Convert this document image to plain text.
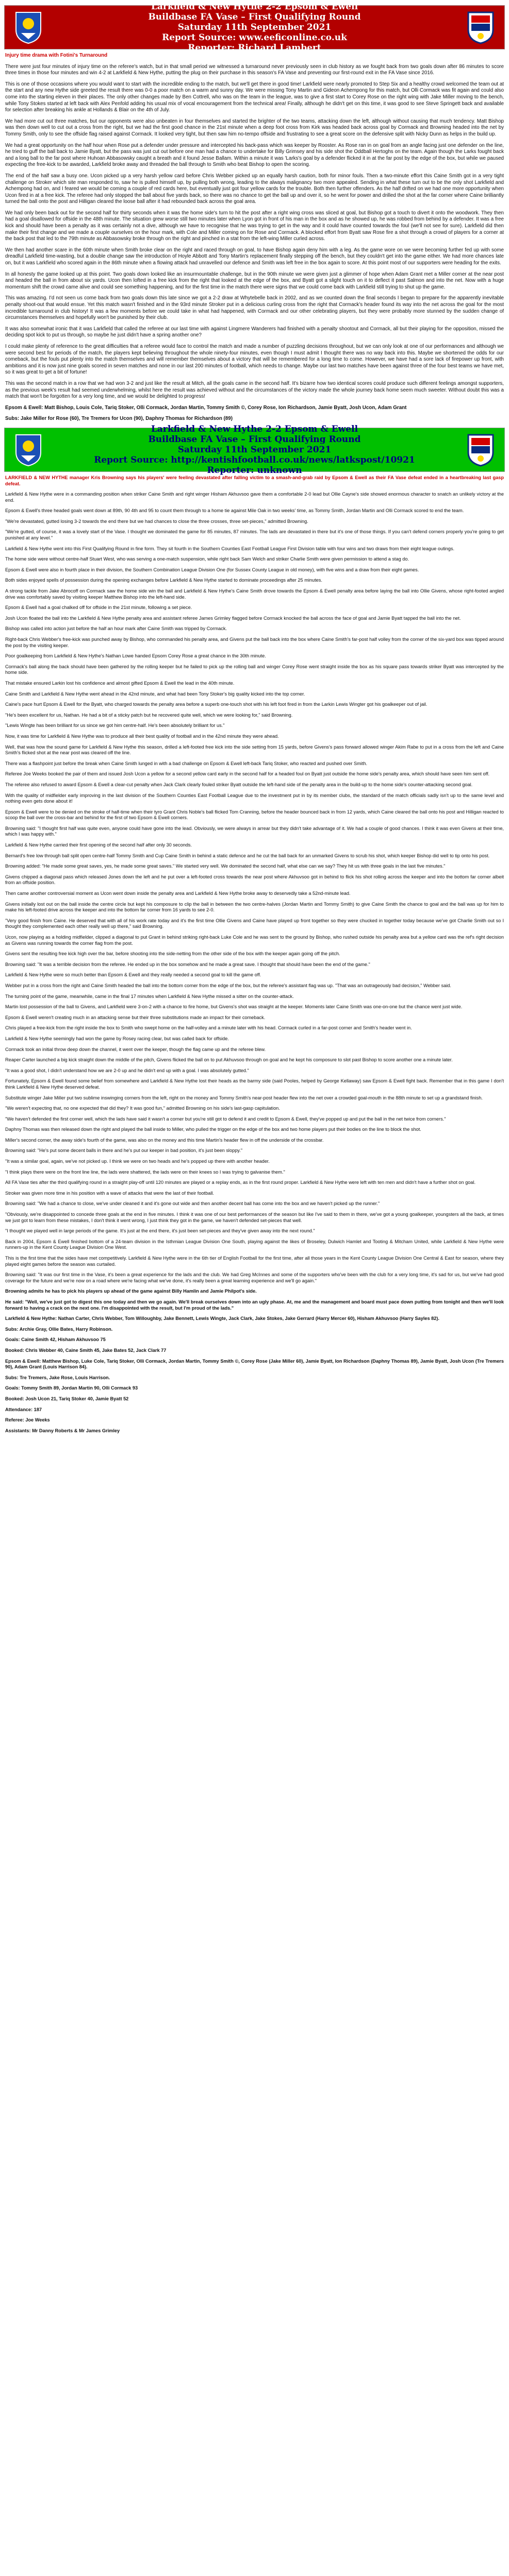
Larkfield & New Hythe 2-2 Epsom & Ewell
Buildbase FA Vase – First Qualifying Round
Saturday 11th September 2021
Report Source: www.eeﬁconline.co.uk
Reporter: Richard Lambert

Injury time drama with Fotini's Turnaround

There were just four minutes of injury time on the referee's watch, but in that small period we witnessed a turnaround never previously seen in club history as we fought back from two goals down after 86 minutes to score three times in those four minutes and win 4-2 at Larkfield & New Hythe, putting the plug on their purchase in this season's FA Vase and preventing our first-round exit in the FA Vase since 2016.

This is one of those occasions where you would want to start with the incredible ending to the match, but we'll get there in good time! Larkfield were nearly promoted to Step Six and a healthy crowd welcomed the team out at the start and any new Hythe side greeted the result there was 0-0 a poor match on a warm and sunny day. We were missing Tony Martin and Gideon Achempong for this match, but Olli Cormack was fit again and could also come into the starting eleven in their places. The only other changes made by Ben Cottrell, who was on the team in the league, was to give a first start to Corey Rose on the right wing with Jake Miller moving to the bench, while Tony Stokes started at left back with Alex Penfold adding his usual mix of vocal encouragement from the technical area! Finally, although he didn't get on this time, it was good to see Steve Springett back and available for selection after breaking his ankle at Hollands & Blair on the 4th of July.

We had more cut out three matches, but our opponents were also unbeaten in four themselves and started the brighter of the two teams, attacking down the left, although without causing that much tendency. Matt Bishop was then down well to cut out a cross from the right, but we had the first good chance in the 21st minute when a deep foot cross from Kirk was headed back across goal by Cormack and Browning headed into the net by Tommy Smith, only to see the offside flag raised against Cormack. It looked very tight, but then saw him no-tempo offside and frustrating to see a great score on the defensive split with Nicky Dunn as helps in the build up.

We had a great opportunity on the half hour when Rose put a defender under pressure and intercepted his back-pass which was keeper by Rooster. As Rose ran in on goal from an angle facing just one defender on the line, he tried to guff the ball back to Jamie Byatt, but the pass was just cut out before one man had a chance to undertake for Billy Grimsey and his side shot the Oddball Hertoghs on the team. Again though the Larks fought back and a long ball to the far post where Huhoan Abbasowsky caught a breath and it found Jesse Ballam. Within a minute it was 'Larks's goal by a defender flicked it in at the far post by the edge of the box, but while we paused expecting the free-kick to be awarded, Larkfield broke away and threaded the ball through to Smith who beat Bishop to open the scoring.

The end of the half saw a busy one. Ucon picked up a very harsh yellow card before Chris Webber picked up an equally harsh caution, both for minor fouls. Then a two-minute effort this Caine Smith got in a very tight challenge on Stroker which site man responded to, saw he is pulled himself up, by pulling both wrong, leading to the always malignancy two more appealed. Sending in what these turn out to be the only shot Larkfield and Achempong had on, and I feared we would be coming a couple of red cards here, but eventually just got four yellow cards for the trouble. Both then further offenders. As the half drifted on we had one more opportunity when Ucon fired in at a free kick. The referee had only stopped the ball about five yards back, so there was no chance to get the ball up and over it, so he went for power and drilled the shot at the far corner where Caine brilliantly turned the ball onto the post and Hilligan cleared the loose ball after it had rebounded back across the goal area.

We had only been back out for the second half for thirty seconds when it was the home side's turn to hit the post after a right wing cross was sliced at goal, but Bishop got a touch to divert it onto the woodwork. They then had a goal disallowed for offside in the 48th minute. The situation grew worse still two minutes later when Lyon got in front of his man in the box and as he showed up, he was robbed from behind by a defender. It was a free kick and should have been a penalty as it was certainly not a dive, although we have to recognise that he was trying to get in the way and it could have counted towards the foul (we'll not see for sure). Larkfield did then make their first change and we made a couple ourselves on the hour mark, with Cole and Miller coming on for Rose and Cormack. A blocked effort from Byatt saw Rose fire a shot through a crowd of players for a corner at the back post that led to the 79th minute as Abbasowsky broke through on the right and pinched in a stat from the left-wing Miller curled across.

We then had another scare in the 60th minute when Smith broke clear on the right and raced through on goal, to have Bishop again deny him with a leg. As the game wore on we were becoming further fed up with some dreadful Larkfield time-wasting, but a double change saw the introduction of Hoyle Abbott and Tony Martin's replacement finally stepping off the bench, but they couldn't get into the game either. We had more chances late on, but it was Larkfield who scored again in the 86th minute when a flowing attack had unravelled our defence and Smith was left free in the box again to score. At this point most of our supporters were heading for the exits.

In all honesty the game looked up at this point. Two goals down looked like an insurmountable challenge, but in the 90th minute we were given just a glimmer of hope when Adam Grant met a Miller corner at the near post and headed the ball in from about six yards. Ucon then lofted in a free kick from the right that looked at the edge of the box, and Byatt got a slight touch on it to deflect it past Salmon and into the net. Now with a huge momentum shift the crowd came alive and could see something happening, and for the first time in the match there were signs that we could come back with Larkfield still trying to shut up the game.

This was amazing. I'd not seen us come back from two goals down this late since we got a 2-2 draw at Whytebelle back in 2002, and as we counted down the final seconds I began to prepare for the apparently inevitable penalty shoot-out that would ensue. Yet this match wasn't finished and in the 93rd minute Stroker put in a delicious curling cross from the right that Cormack's header found its way into the net across the goal for the most incredible turnaround in club history! It was a few moments before we could take in what had happened, with Cormack and our other celebrating players, but they were probably more stunned by the sudden change of circumstances themselves and hopefully won't be punished by their club.

It was also somewhat ironic that it was Larkfield that called the referee at our last time with against Lingmere Wanderers had finished with a penalty shootout and Cormack, all but their playing for the opposition, missed the deciding spot kick to put us through, so maybe he just didn't have a spring another one?

I could make plenty of reference to the great difficulties that a referee would face to control the match and made a number of puzzling decisions throughout, but we can only look at one of our performances and although we were second best for periods of the match, the players kept believing throughout the whole ninety-four minutes, even though I must admit I thought there was no way back into this. Maybe we shortened the odds for our comeback, but the fouls put plenty into the match themselves and will remember themselves about a victory that will be remembered for a long time to come. However, we have had a sore lack of firepower up front, with ambitions and it is now just nine goals scored in seven matches and none in our last 200 minutes of football, which needs to change. Maybe our last two matches have been against three of the four best teams we have met, so it was great to get a bit of fortune!

This was the second match in a row that we had won 3-2 and just like the result at Mitch, all the goals came in the second half. It's bizarre how two identical scores could produce such different feelings amongst supporters, as the previous week's result had seemed underwhelming, whilst here the result was achieved without and the circumstances of the victory made the whole journey back home seem much sweeter. Without doubt this was a match that won't be forgotten for a very long time, and we would be delighted to progress!

Epsom & Ewell: Matt Bishop, Louis Cole, Tariq Stoker, Olli Cormack, Jordan Martin, Tommy Smith ©, Corey Rose, Ion Richardson, Jamie Byatt, Josh Ucon, Adam Grant

Subs: Jake Miller for Rose (60), Tre Tremers for Ucon (90), Daphny Thomas for Richardson (89)

Larkfield & New Hythe 2-2 Epsom & Ewell
Buildbase FA Vase – First Qualifying Round
Saturday 11th September 2021
Report Source: http://kentishfootball.co.uk/news/latkspost/10921
Reporter: unknown

LARKFIELD & NEW HYTHE manager Kris Browning says his players' were feeling devastated after falling victim to a smash-and-grab raid by Epsom & Ewell as their FA Vase defeat ended in a heartbreaking last gasp defeat.

Larkfield & New Hythe were in a commanding position when striker Caine Smith and right winger Hisham Akhuvsoo gave them a comfortable 2-0 lead but Ollie Cayne's side showed enormous character to snatch an unlikely victory at the end.

Epsom & Ewell's three headed goals went down at 89th, 90 4th and 95 to count them through to a home tie against Mile Oak in two weeks' time, as Tommy Smith, Jordan Martin and Olli Cormack scored to end the team.

"We're devastated, gutted losing 3-2 towards the end there but we had chances to close the three crosses, three set-pieces," admitted Browning.

"We're gutted, of course, it was a lovely start of the Vase. I thought we dominated the game for 85 minutes, 87 minutes. The lads are devastated in there but it's one of those things. If you can't defend corners properly you're going to get punished at any level."

Larkfield & New Hythe went into this First Qualifying Round in fine form. They sit fourth in the Southern Counties East Football League First Division table with four wins and two draws from their eight league outings.

The home side were without centre-half Stuart West, who was serving a one-match suspension, while right back Sam Welch and striker Charlie Smith were given permission to attend a stag do.

Epsom & Ewell were also in fourth place in their division, the Southern Combination League Division One (for Sussex County League in old money), with five wins and a draw from their eight games.

Both sides enjoyed spells of possession during the opening exchanges before Larkfield & New Hythe started to dominate proceedings after 25 minutes.

A strong tackle from Jake Abrocoff on Cormack saw the home side win the ball and Larkfield & New Hythe's Caine Smith drove towards the Epsom & Ewell penalty area before laying the ball into Ollie Givens, whose right-footed angled drive was comfortably saved by visiting keeper Matthew Bishop into the left-hand side.

Epsom & Ewell had a goal chalked off for offside in the 21st minute, following a set piece.

Josh Ucon floated the ball into the Larkfield & New Hythe penalty area and assistant referee James Grimley flagged before Cormack knocked the ball across the face of goal and Jamie Byatt tapped the ball into the net.

Bishop was called into action just before the half an hour mark after Caine Smith was tripped by Cormack.

Right-back Chris Webber's free-kick was punched away by Bishop, who commanded his penalty area, and Givens put the ball back into the box where Caine Smith's far-post half volley from the corner of the six-yard box was tipped around the post by the visiting keeper.

Poor goalkeeping from Larkfield & New Hythe's Nathan Lowe handed Epsom Corey Rose a great chance in the 30th minute.

Cormack's ball along the back should have been gathered by the rolling keeper but he failed to pick up the rolling ball and winger Corey Rose went straight inside the box as his square pass towards striker Byatt was intercepted by the home side.

That mistake ensured Larkin lost his confidence and almost gifted Epsom & Ewell the lead in the 40th minute.

Caine Smith and Larkfield & New Hythe went ahead in the 42nd minute, and what had been Tony Stoker's big quality kicked into the top corner.

Caine's pace hurt Epsom & Ewell for the Byatt, who charged towards the penalty area before a superb one-touch shot with his left foot fired in from the Larkin Lewis Wingter got his goalkeeper out of jail.

"He's been excellent for us, Nathan. He had a bit of a sticky patch but he recovered quite well, which we were looking for," said Browning.

"Lewis Wingte has been brilliant for us since we got him centre-half. He's been absolutely brilliant for us."

Now, it was time for Larkfield & New Hythe was to produce all their best quality of football and in the 42nd minute they were ahead.

Well, that was how the sound game for Larkfield & New Hythe this season, drilled a left-footed free kick into the side setting from 15 yards, before Givens's pass forward allowed winger Akim Rabe to put in a cross from the left and Caine Smith's flicked shot at the near post was cleared off the line.

There was a flashpoint just before the break when Caine Smith lunged in with a bad challenge on Epsom & Ewell left-back Tariq Stoker, who reacted and pushed over Smith.

Referee Joe Weeks booked the pair of them and issued Josh Ucon a yellow for a second yellow card early in the second half for a headed foul on Byatt just outside the home side's penalty area, which should have seen him sent off.

The referee also refused to award Epsom & Ewell a clear-cut penalty when Jack Clark clearly fouled striker Byatt outside the left-hand side of the penalty area in the build-up to the home side's counter-attacking second goal.

With the quality of midfielder early improving in the last division of the Southern Counties East Football League due to the investment put in by its member clubs, the standard of the match officials sadly isn't up to the same level and nothing even gets done about it!

Epsom & Ewell were to be denied on the stroke of half-time when their tyro Grant Chris Noble's ball flicked Tom Cranning, before the header bounced back in from 12 yards, which Caine cleared the ball onto his post and Hilligan reacted to scoop the ball over the cross-bar and behind for the first of two Epsom & Ewell corners.

Browning said: "I thought first half was quite even, anyone could have gone into the lead. Obviously, we were always in arrear but they didn't take advantage of it. We had a couple of good chances. I think it was even Givens at their time, which I was happy with."

Larkfield & New Hythe carried their first opening of the second half after only 30 seconds.

Bernard's free low through ball split open centre-half Tommy Smith and Cup Caine Smith in behind a static defence and he cut the ball back for an unmarked Givens to scrub his shot, which keeper Bishop did well to tip onto his post.

Browning added: "He made some great saves, yes, he made some great saves." We started very well. We dominated the second half, what else can we say? They hit us with three goals in the last five minutes."

Givens chipped a diagonal pass which released Jones down the left and he put over a left-footed cross towards the near post where Akhuvsoo got in behind to flick his shot rolling across the keeper and into the bottom far corner albeit from an offside position.

Then came another controversial moment as Ucon went down inside the penalty area and Larkfield & New Hythe broke away to deservedly take a 52nd-minute lead.

Givens initially lost out on the ball inside the centre circle but kept his composure to clip the ball in between the two centre-halves (Jordan Martin and Tommy Smith) to give Caine Smith the chance to goal and the ball was up for him to make his left-footed drive across the keeper and into the bottom far corner from 16 yards to see 2-0.

"Very good finish from Caine. He deserved that with all of his work rate today and it's the first time Ollie Givens and Caine have played up front together so they were chucked in together today because we've got Charlie Smith out so I thought they complemented each other really well up there," said Browning.

Ucon, now playing as a holding midfielder, clipped a diagonal to put Grant in behind striking right-back Luke Cole and he was sent to the ground by Bishop, who rushed outside his penalty area but a yellow card was the ref's right decision as Givens was running towards the corner flag from the post.

Givens sent the resulting free kick high over the bar, before shooting into the side-netting from the other side of the box with the keeper again going off the pitch.

Browning said: "It was a terrible decision from the referee. He ended up in the box somehow and he made a great save. I thought that should have been the end of the game."

Larkfield & New Hythe were so much better than Epsom & Ewell and they really needed a second goal to kill the game off.

Webber put in a cross from the right and Caine Smith headed the ball into the bottom corner from the edge of the box, but the referee's assistant flag was up. "That was an outrageously bad decision," Webber said.

The turning point of the game, meanwhile, came in the final 17 minutes when Larkfield & New Hythe missed a sitter on the counter-attack.

Martin lost possession of the ball to Givens, and Larkfield were 3-on-2 with a chance to fire home, but Givens's shot was straight at the keeper. Moments later Caine Smith was one-on-one but the chance went just wide.

Epsom & Ewell weren't creating much in an attacking sense but their three substitutions made an impact for their comeback.

Chris played a free-kick from the right inside the box to Smith who swept home on the half-volley and a minute later with his head. Cormack curled in a far-post corner and Smith's header went in.

Larkfield & New Hythe seemingly had won the game by Rosey racing clear, but was called back for offside.

Cormack took an initial throw deep down the channel, it went over the keeper, though the flag came up and the referee blew.

Reaper Carter launched a big kick straight down the middle of the pitch, Givens flicked the ball on to put Akhuvsoo through on goal and he kept his composure to slot past Bishop to score another one a minute later.

"It was a good shot, I didn't understand how we are 2-0 up and he didn't end up with a goal. I was absolutely gutted."

Fortunately, Epsom & Ewell found some belief from somewhere and Larkfield & New Hythe lost their heads as the barmy side (said Pooles, helped by George Kellaway) saw Epsom & Ewell fight back. Remember that in this game I don't think Larkfield & New Hythe deserved defeat.

Substitute winger Jake Miller put two sublime inswinging corners from the left, right on the money and Tommy Smith's near-post header flew into the net over a crowded goal-mouth in the 88th minute to set up a grandstand finish.

"We weren't expecting that, no one expected that did they? It was good fun," admitted Browning on his side's last-gasp capitulation.

"We haven't defended the first corner well, which the lads have said it wasn't a corner but you're still got to defend it and credit to Epsom & Ewell, they've popped up and put the ball in the net twice from corners."

Daphny Thomas was then released down the right and played the ball inside to Miller, who pulled the trigger on the edge of the box and two home players put their bodies on the line to block the shot.

Miller's second corner, the away side's fourth of the game, was also on the money and this time Martin's header flew in off the underside of the crossbar.

Browning said: "He's put some decent balls in there and he's put our keeper in bad position, it's just been sloppy."

"It was a similar goal, again, we've not picked up. I think we were on two heads and he's popped up there with another header.

"I think plays there were on the front line line, the lads were shattered, the lads were on their knees so I was trying to galvanise them."

All FA Vase ties after the third qualifying round in a straight play-off until 120 minutes are played or a replay ends, as in the first round proper. Larkfield & New Hythe were left with ten men and didn't have a further shot on goal.

Stroker was given more time in his position with a wave of attacks that were the last of their football.

Browning said: "We had a chance to close, we've under cleaned it and it's gone out wide and then another decent ball has come into the box and we haven't picked up the runner."

"Obviously, we're disappointed to concede three goals at the end in five minutes. I think it was one of our best performances of the season but like I've said to them in there, we've got a young goalkeeper, youngsters all the back, at times we just got to learn from these mistakes, I don't think it went wrong, I just think they got in the game, we haven't defended set-pieces that well.

"I thought we played well in large periods of the game. It's just at the end there, it's just been set-pieces and they've given away into the next round."

Back in 2004, Epsom & Ewell finished bottom of a 24-team division in the Isthmian League Division One South, playing against the likes of Broseley, Dulwich Hamlet and Tooting & Mitcham United, while Larkfield & New Hythe were runners-up in the Kent County League Division One West.

This is the first time that the sides have met competitively. Larkfield & New Hythe were in the 6th tier of English Football for the first time, after all those years in the Kent County League Division One Central & East for season, where they played eight games before the season was curtailed.

Browning said: "It was our first time in the Vase, it's been a great experience for the lads and the club. We had Greg McInnes and some of the supporters who've been with the club for a very long time, it's sad for us, but we've had good coverage for the future and we're now on a road where we're facing what we've done, it's really been a great learning experience and we'll go again."

Browning admits he has to pick his players up ahead of the game against Billy Hamlin and Jamie Philpot's side.

He said: "Well, we've just got to digest this one today and then we go again. We'll break ourselves down into an ugly phase. At, me and the management and board must pace down putting from tonight and then we'll look forward to having a crack on the next one. I'm disappointed with the result, but I'm proud of the lads."

Larkfield & New Hythe: Nathan Carter, Chris Webber, Tom Willoughby, Jake Bennett, Lewis Wingte, Jack Clark, Jake Stokes, Jake Gerrard (Harry Mercer 60), Hisham Akhuvsoo (Harry Sayles 82).

Subs: Archie Gray, Ollie Bates, Harry Robinson.

Goals: Caine Smith 42, Hisham Akhuvsoo 75

Booked: Chris Webber 40, Caine Smith 45, Jake Bates 52, Jack Clark 77

Epsom & Ewell: Matthew Bishop, Luke Cole, Tariq Stoker, Olli Cormack, Jordan Martin, Tommy Smith ©, Corey Rose (Jake Miller 60), Jamie Byatt, Ion Richardson (Daphny Thomas 89), Jamie Byatt, Josh Ucon (Tre Tremers 90), Adam Grant (Louis Harrison 84).

Subs: Tre Tremers, Jake Rose, Louis Harrison.

Goals: Tommy Smith 89, Jordan Martin 90, Olli Cormack 93

Booked: Josh Ucon 21, Tariq Stoker 40, Jamie Byatt 52

Attendance: 187

Referee: Joe Weeks

Assistants: Mr Danny Roberts & Mr James Grimley
